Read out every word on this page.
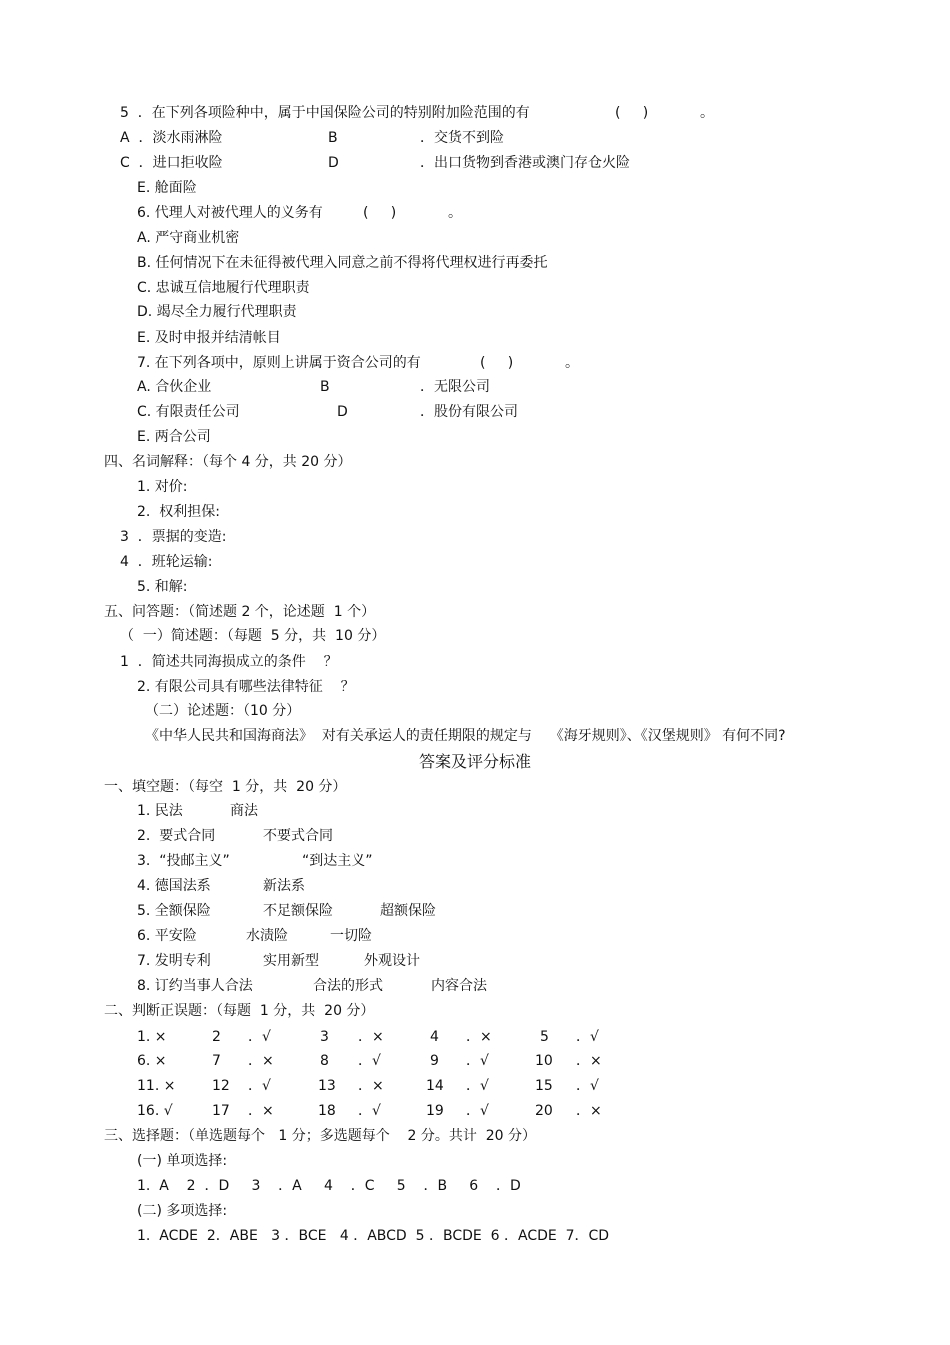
5  ．在下列各项险种中，属于中国保险公司的特别附加险范围的有	(     )	。
A  ．淡水雨淋险	B	．交货不到险
C  ．进口拒收险	D	．出口货物到香港或澳门存仓火险
E. 舱面险
6. 代理人对被代理人的义务有	(     )	。
A. 严守商业机密
B. 任何情况下在未征得被代理入同意之前不得将代理权进行再委托
C. 忠诚互信地履行代理职责
D. 竭尽全力履行代理职责
E. 及时申报并结清帐目
7. 在下列各项中，原则上讲属于资合公司的有	(     )	。
A. 合伙企业	B	．无限公司
C. 有限责任公司	D	．股份有限公司
E. 两合公司
四、名词解释：（每个 4 分，共 20 分）
1. 对价:
2.  权利担保:
3  ．票据的变造:
4  ．班轮运输:
5. 和解:
五、问答题：（简述题 2 个，论述题  1 个）
（  一）简述题：（每题  5 分，共  10 分）
1  ．简述共同海损成立的条件    ？
2. 有限公司具有哪些法律特征    ？
（二）论述题：（10 分）
《中华人民共和国海商法》  对有关承运人的责任期限的规定与    《海牙规则》、《汉堡规则》 有何不同?
答案及评分标准
一、填空题：（每空  1 分，共  20 分）
1. 民法	商法
2.  要式合同	不要式合同
3.  “投邮主义”	“到达主义”
4. 德国法系	新法系
5. 全额保险	不足额保险	超额保险
6. 平安险	水渍险	一切险
7. 发明专利	实用新型	外观设计
8. 订约当事人合法	合法的形式	内容合法
二、判断正误题：（每题  1 分，共  20 分）
1. ×	2 ．√	3 ．×	4 ．×	5 ．√
6. ×	7 ．×	8 ．√	9 ．√	10 ．×
11. ×	12 ．√	13 ．×	14 ．√	15 ．√
16. √	17 ．×	18 ．√	19 ．√	20 ．×
三、选择题：（单选题每个   1 分；多选题每个    2 分。共计  20 分）
(一) 单项选择:
1.  A    2  ．D     3    ．A     4    ．C     5    ．B     6    ．D
(二) 多项选择:
1.  ACDE  2．ABE   3 ．BCE   4 ．ABCD  5 ．BCDE  6 ．ACDE  7．CD
